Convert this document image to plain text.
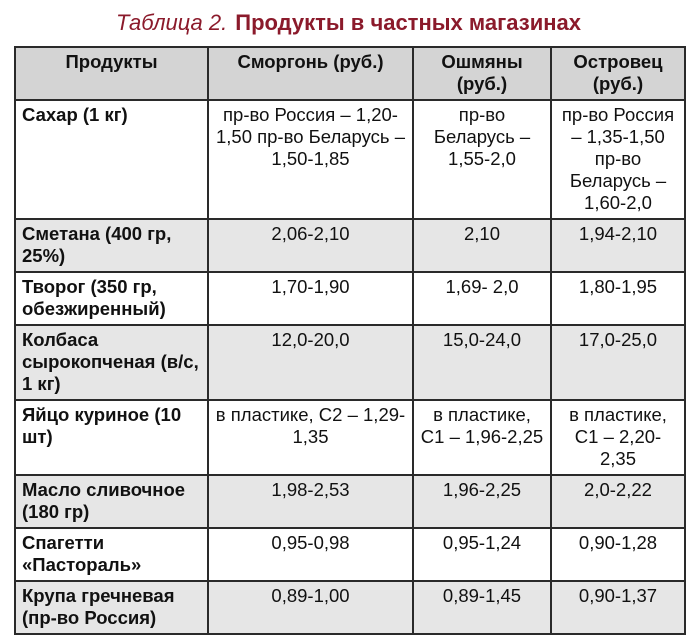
Таблица 2. Продукты в частных магазинах
Продукты	Сморгонь (руб.)	Ошмяны (руб.)	Островец (руб.)
Сахар (1 кг)	пр-во Россия – 1,20-1,50 пр-во Беларусь – 1,50-1,85	пр-во Беларусь – 1,55-2,0	пр-во Россия – 1,35-1,50 пр-во Беларусь – 1,60-2,0
Сметана (400 гр, 25%)	2,06-2,10	2,10	1,94-2,10
Творог (350 гр, обезжиренный)	1,70-1,90	1,69- 2,0	1,80-1,95
Колбаса сырокопченая (в/с, 1 кг)	12,0-20,0	15,0-24,0	17,0-25,0
Яйцо куриное (10 шт)	в пластике, С2 – 1,29-1,35	в пластике, С1 – 1,96-2,25	в пластике, С1 – 2,20-2,35
Масло сливочное (180 гр)	1,98-2,53	1,96-2,25	2,0-2,22
Спагетти «Пастораль»	0,95-0,98	0,95-1,24	0,90-1,28
Крупа гречневая (пр-во Россия)	0,89-1,00	0,89-1,45	0,90-1,37
